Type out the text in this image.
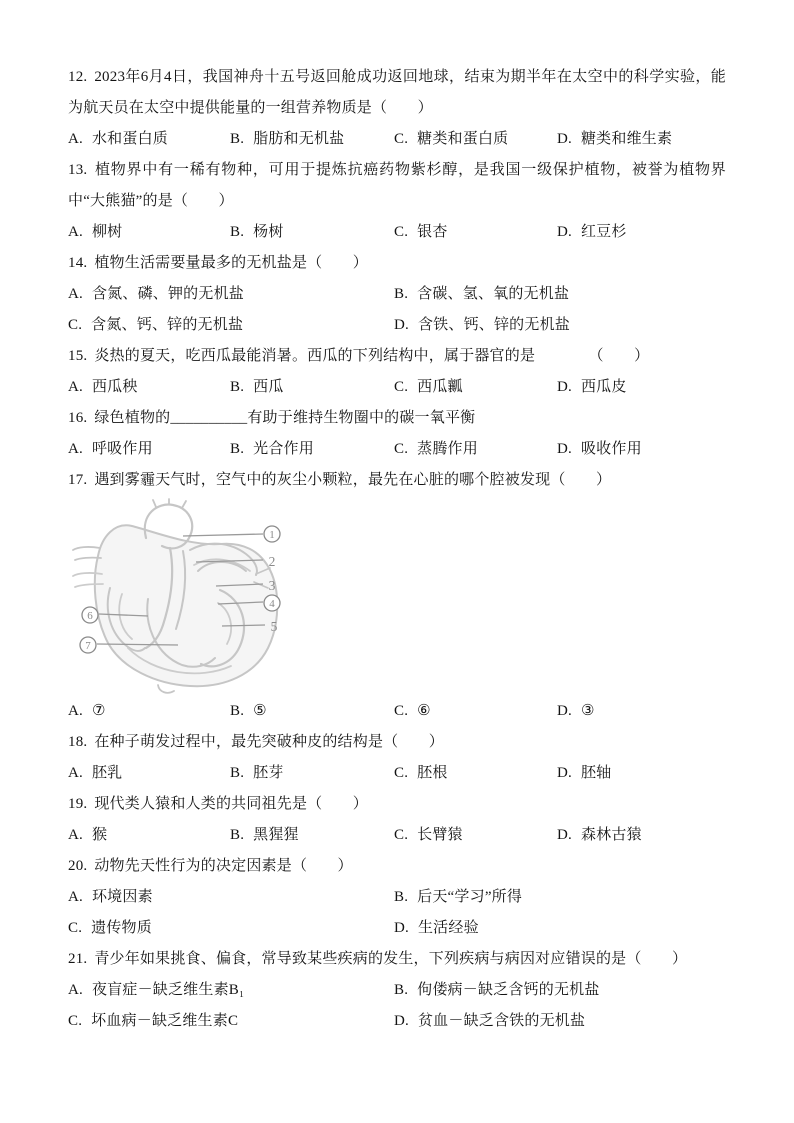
12. 2023年6月4日，我国神舟十五号返回舱成功返回地球，结束为期半年在太空中的科学实验，能为航天员在太空中提供能量的一组营养物质是（　　）
A. 水和蛋白质	B. 脂肪和无机盐	C. 糖类和蛋白质	D. 糖类和维生素
13. 植物界中有一稀有物种，可用于提炼抗癌药物紫杉醇，是我国一级保护植物，被誉为植物界中“大熊猫”的是（　　）
A. 柳树	B. 杨树	C. 银杏	D. 红豆杉
14. 植物生活需要量最多的无机盐是（　　）
A. 含氮、磷、钾的无机盐	B. 含碳、氢、氧的无机盐
C. 含氮、钙、锌的无机盐	D. 含铁、钙、锌的无机盐
15. 炎热的夏天，吃西瓜最能消暑。西瓜的下列结构中，属于器官的是　　　　（　　）
A. 西瓜秧	B. 西瓜	C. 西瓜瓤	D. 西瓜皮
16. 绿色植物的__________有助于维持生物圈中的碳一氧平衡
A. 呼吸作用	B. 光合作用	C. 蒸腾作用	D. 吸收作用
17. 遇到雾霾天气时，空气中的灰尘小颗粒，最先在心脏的哪个腔被发现（　　）
1
2
3
4
5
6
7
A. ⑦	B. ⑤	C. ⑥	D. ③
18. 在种子萌发过程中，最先突破种皮的结构是（　　）
A. 胚乳	B. 胚芽	C. 胚根	D. 胚轴
19. 现代类人猿和人类的共同祖先是（　　）
A. 猴	B. 黑猩猩	C. 长臂猿	D. 森林古猿
20. 动物先天性行为的决定因素是（　　）
A. 环境因素	B. 后天“学习”所得
C. 遗传物质	D. 生活经验
21. 青少年如果挑食、偏食，常导致某些疾病的发生，下列疾病与病因对应错误的是（　　）
A. 夜盲症－缺乏维生素B₁	B. 佝偻病－缺乏含钙的无机盐
C. 坏血病－缺乏维生素C	D. 贫血－缺乏含铁的无机盐
